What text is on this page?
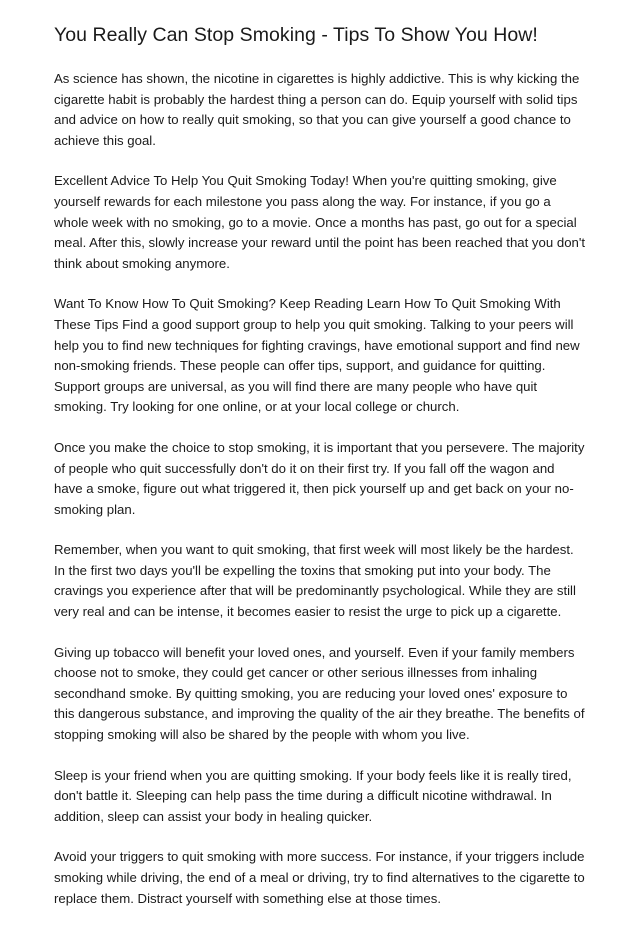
You Really Can Stop Smoking - Tips To Show You How!

As science has shown, the nicotine in cigarettes is highly addictive. This is why kicking the cigarette habit is probably the hardest thing a person can do. Equip yourself with solid tips and advice on how to really quit smoking, so that you can give yourself a good chance to achieve this goal.

Excellent Advice To Help You Quit Smoking Today! When you're quitting smoking, give yourself rewards for each milestone you pass along the way. For instance, if you go a whole week with no smoking, go to a movie. Once a months has past, go out for a special meal. After this, slowly increase your reward until the point has been reached that you don't think about smoking anymore.

Want To Know How To Quit Smoking? Keep Reading Learn How To Quit Smoking With These Tips Find a good support group to help you quit smoking. Talking to your peers will help you to find new techniques for fighting cravings, have emotional support and find new non-smoking friends. These people can offer tips, support, and guidance for quitting. Support groups are universal, as you will find there are many people who have quit smoking. Try looking for one online, or at your local college or church.

Once you make the choice to stop smoking, it is important that you persevere. The majority of people who quit successfully don't do it on their first try. If you fall off the wagon and have a smoke, figure out what triggered it, then pick yourself up and get back on your no-smoking plan.

Remember, when you want to quit smoking, that first week will most likely be the hardest. In the first two days you'll be expelling the toxins that smoking put into your body. The cravings you experience after that will be predominantly psychological. While they are still very real and can be intense, it becomes easier to resist the urge to pick up a cigarette.

Giving up tobacco will benefit your loved ones, and yourself. Even if your family members choose not to smoke, they could get cancer or other serious illnesses from inhaling secondhand smoke. By quitting smoking, you are reducing your loved ones' exposure to this dangerous substance, and improving the quality of the air they breathe. The benefits of stopping smoking will also be shared by the people with whom you live.

Sleep is your friend when you are quitting smoking. If your body feels like it is really tired, don't battle it. Sleeping can help pass the time during a difficult nicotine withdrawal. In addition, sleep can assist your body in healing quicker.

Avoid your triggers to quit smoking with more success. For instance, if your triggers include smoking while driving, the end of a meal or driving, try to find alternatives to the cigarette to replace them. Distract yourself with something else at those times.
